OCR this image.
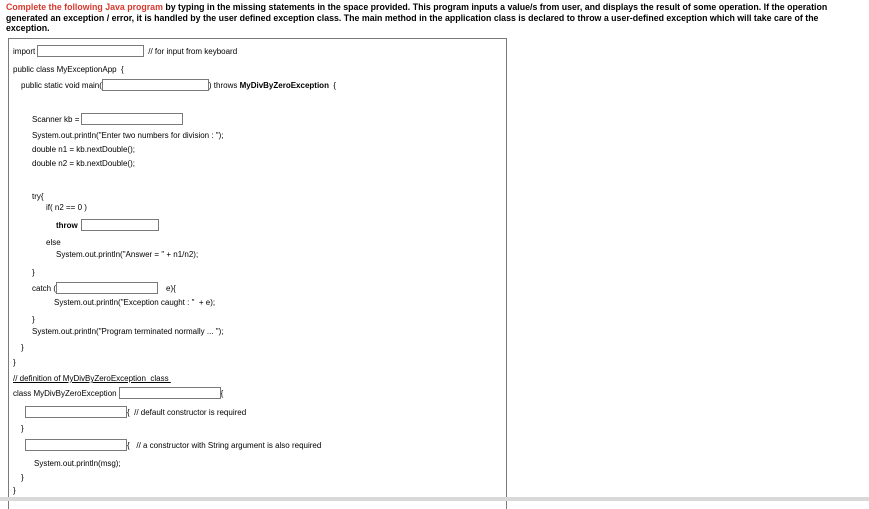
Complete the following Java program by typing in the missing statements in the space provided. This program inputs a value/s from user, and displays the result of some operation. If the operation generated an exception / error, it is handled by the user defined exception class. The main method in the application class is declared to throw a user-defined exception which will take care of the exception.
import	// for input from keyboard
public class MyExceptionApp  {
public static void main(	) throws MyDivByZeroException {
Scanner kb =
System.out.println("Enter two numbers for division : ");
double n1 = kb.nextDouble();
double n2 = kb.nextDouble();
try{
if( n2 == 0 )
throw
else
System.out.println("Answer = " + n1/n2);
}
catch (	e){
System.out.println("Exception caught : "  + e);
}
System.out.println("Program terminated normally ... ");
}
}
// definition of MyDivByZeroException  class
class MyDivByZeroException	{
{ // default constructor is required
}
{ // a constructor with String argument is also required
System.out.println(msg);
}
}
